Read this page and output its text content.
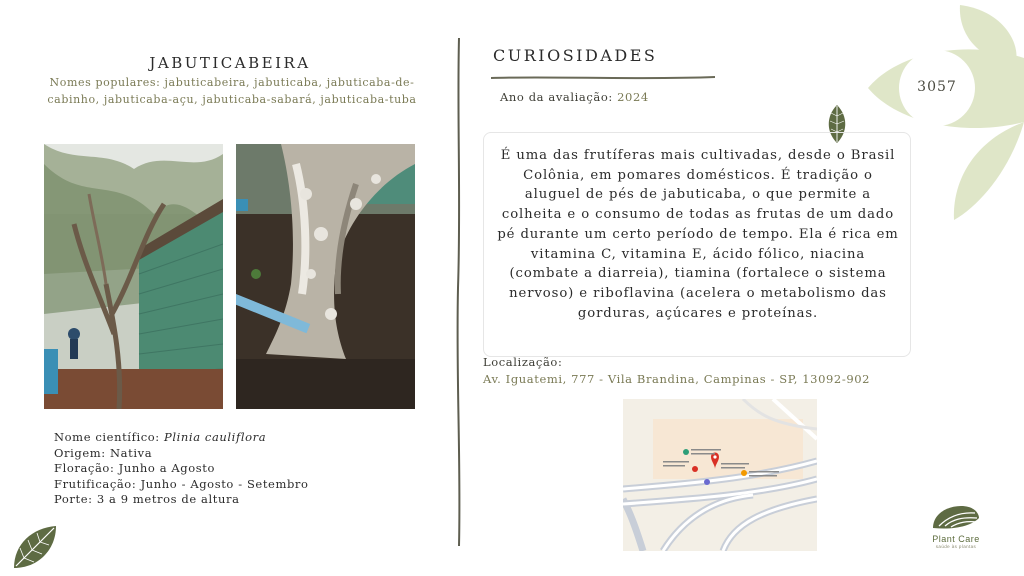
JABUTICABEIRA
Nomes populares: jabuticabeira, jabuticaba, jabuticaba-de-cabinho, jabuticaba-açu, jabuticaba-sabará, jabuticaba-tuba
Nome científico: Plinia cauliflora
Origem: Nativa
Floração: Junho a Agosto
Frutificação: Junho - Agosto - Setembro
Porte: 3 a 9 metros de altura
CURIOSIDADES
Ano da avaliação: 2024
É uma das frutíferas mais cultivadas, desde o Brasil Colônia, em pomares domésticos. É tradição o aluguel de pés de jabuticaba, o que permite a colheita e o consumo de todas as frutas de um dado pé durante um certo período de tempo. Ela é rica em vitamina C, vitamina E, ácido fólico, niacina (combate a diarreia), tiamina (fortalece o sistema nervoso) e riboflavina (acelera o metabolismo das gorduras, açúcares e proteínas.
Localização:
Av. Iguatemi, 777 - Vila Brandina, Campinas - SP, 13092-902
3057
Plant Care
saúde às plantas
